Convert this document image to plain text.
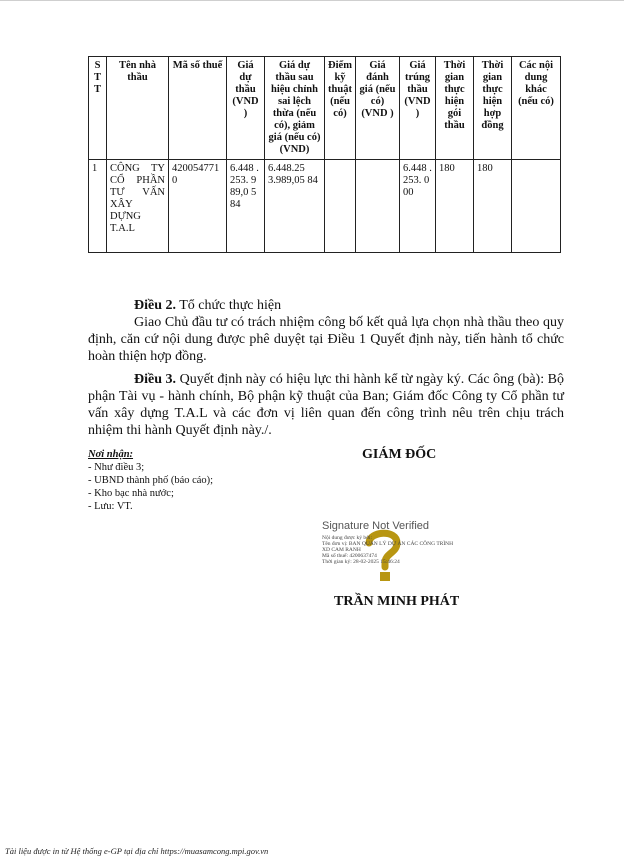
S T T	Tên nhà thầu	Mã số thuế	Giá dự thầu (VND )	Giá dự thầu sau hiệu chỉnh sai lệch thừa (nếu có), giảm giá (nếu có) (VND)	Điểm kỹ thuật (nếu có)	Giá đánh giá (nếu có) (VND )	Giá trúng thầu (VND )	Thời gian thực hiện gói thầu	Thời gian thực hiện hợp đồng	Các nội dung khác (nếu có)
1	CÔNG TY CỔ PHẦN TƯ VẤN XÂY DỰNG T.A.L	4200547710	6.448 .253. 989,0 584	6.448.25 3.989,05 84			6.448 .253. 000	180	180	
Điều 2. Tổ chức thực hiện
Giao Chủ đầu tư có trách nhiệm công bố kết quả lựa chọn nhà thầu theo quy định, căn cứ nội dung được phê duyệt tại Điều 1 Quyết định này, tiến hành tổ chức hoàn thiện hợp đồng.
Điều 3. Quyết định này có hiệu lực thi hành kể từ ngày ký. Các ông (bà): Bộ phận Tài vụ - hành chính, Bộ phận kỹ thuật của Ban; Giám đốc Công ty Cổ phần tư vấn xây dựng T.A.L và các đơn vị liên quan đến công trình nêu trên chịu trách nhiệm thi hành Quyết định này./.
Nơi nhận:
- Như điều 3;
- UBND thành phố (báo cáo);
- Kho bạc nhà nước;
- Lưu: VT.
GIÁM ĐỐC
Signature Not Verified
Nội dung được ký bởi:
Tên đơn vị: BAN QUẢN LÝ DỰ ÁN CÁC CÔNG TRÌNH
XD CAM RANH
Mã số thuế: 4200637474
Thời gian ký: 28-02-2025 15:46:24
TRẦN MINH PHÁT
Tài liệu được in từ Hệ thống e-GP tại địa chỉ https://muasamcong.mpi.gov.vn
